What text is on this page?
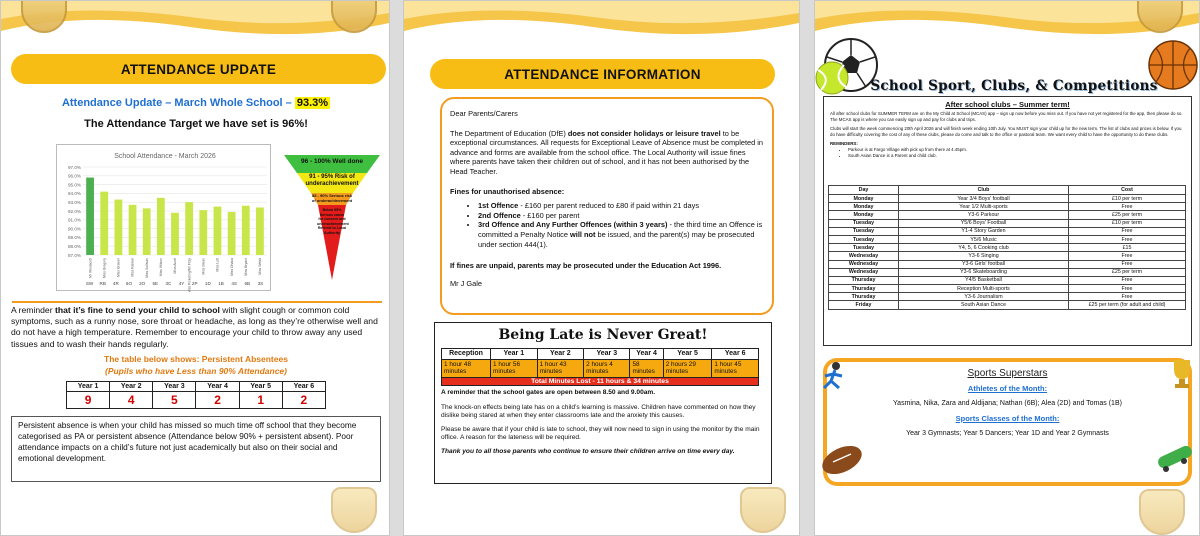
ATTENDANCE UPDATE
Attendance Update – March Whole School – 93.3%
The Attendance Target we have set is 96%!
School Attendance - March 2026
97.0%
96.0%
95.0%
94.0%
93.0%
92.0%
91.0%
90.0%
89.0%
88.0%
87.0%
Mr Woolacott	Miss Gregory	Miss Gravier	Miss Kalmar	Miss Sullivan	Miss Wilson	Miss Acott	Miss Pickering/Mr Fitzy	Miss Sloan	Miss Lott	Miss Ohaka	Miss Bryant	Miss Webb
SW RB 4R 6O 2O 5E 3C 4Y 2P 1D 1B 4S 6B 3S
96 - 100% Well done
91 - 95% Risk of underachievement
85 - 90% Serious risk of underachievement
Below 85% Serious cause for concern and underachievement Referral to Local Authority
A reminder that it’s fine to send your child to school with slight cough or common cold symptoms, such as a runny nose, sore throat or headache, as long as they’re otherwise well and do not have a high temperature. Remember to encourage your child to throw away any used tissues and to wash their hands regularly.
The table below shows: Persistent Absentees
(Pupils who have Less than 90% Attendance)
Year 1	Year 2	Year 3	Year 4	Year 5	Year 6
9	4	5	2	1	2
Persistent absence is when your child has missed so much time off school that they become categorised as PA or persistent absence (Attendance below 90% + persistent absent). Poor attendance impacts on a child’s future not just academically but also on their social and emotional development.
ATTENDANCE INFORMATION
Dear Parents/Carers
The Department of Education (DfE) does not consider holidays or leisure travel to be exceptional circumstances. All requests for Exceptional Leave of Absence must be completed in advance and forms are available from the school office. The Local Authority will issue fines where parents have taken their children out of school, and it has not been authorised by the Head Teacher.
Fines for unauthorised absence:
• 1st Offence - £160 per parent reduced to £80 if paid within 21 days
• 2nd Offence - £160 per parent
• 3rd Offence and Any Further Offences (within 3 years) - the third time an Offence is committed a Penalty Notice will not be issued, and the parent(s) may be prosecuted under section 444(1).
If fines are unpaid, parents may be prosecuted under the Education Act 1996.
Mr J Gale
Being Late is Never Great!
Reception	Year 1	Year 2	Year 3	Year 4	Year 5	Year 6
1 hour 48 minutes	1 hour 56 minutes	1 hour 43 minutes	2 hours 4 minutes	58 minutes	2 hours 29 minutes	1 hour 45 minutes
Total Minutes Lost - 11 hours & 34 minutes						
A reminder that the school gates are open between 8.50 and 9.00am.
The knock-on effects being late has on a child’s learning is massive. Children have commented on how they dislike being stared at when they enter classrooms late and the anxiety this causes.
Please be aware that if your child is late to school, they will now need to sign in using the monitor by the main office. A reason for the lateness will be required.
Thank you to all those parents who continue to ensure their children arrive on time every day.
School Sport, Clubs, & Competitions
After school clubs – Summer term!
All after school clubs for SUMMER TERM are on the My Child at School (MCAS) app – sign up now before you miss out. If you have not yet registered for the app, then please do so. The MCAS app is where you can easily sign up and pay for clubs and trips.
Clubs will start the week commencing 20th April 2026 and will finish week ending 10th July. You MUST sign your child up for the new term. The list of clubs and prices is below. If you do have difficulty covering the cost of any of these clubs, please do come and talk to the office or pastoral team. We want every child to have the opportunity to do these clubs.
REMINDERS:
• Parkour is at Fargo Village with pick up from there at 4.45pm.
• South Asian Dance is a Parent and child club.
Day	Club	Cost
Monday	Year 3/4 Boys' football	£10 per term
Monday	Year 1/2 Multi-sports	Free
Monday	Y3-6 Parkour	£25 per term
Tuesday	Y5/6 Boys' Football	£10 per term
Tuesday	Y1-4 Story Garden	Free
Tuesday	Y5/6 Music	Free
Tuesday	Y4, 5, 6 Cooking club	£15
Wednesday	Y3-6 Singing	Free
Wednesday	Y3-6 Girls' football	Free
Wednesday	Y3-6 Skateboarding	£25 per term
Thursday	Y4/5 Basketball	Free
Thursday	Reception Multi-sports	Free
Thursday	Y3-6 Journalism	Free
Friday	South Asian Dance	£25 per term (for adult and child)
Sports Superstars
Athletes of the Month:
Yasmina, Nika, Zara and Aldijana; Nathan (6B); Alea (2D) and Tomas (1B)
Sports Classes of the Month:
Year 3 Gymnasts; Year 5 Dancers; Year 1D and Year 2 Gymnasts
